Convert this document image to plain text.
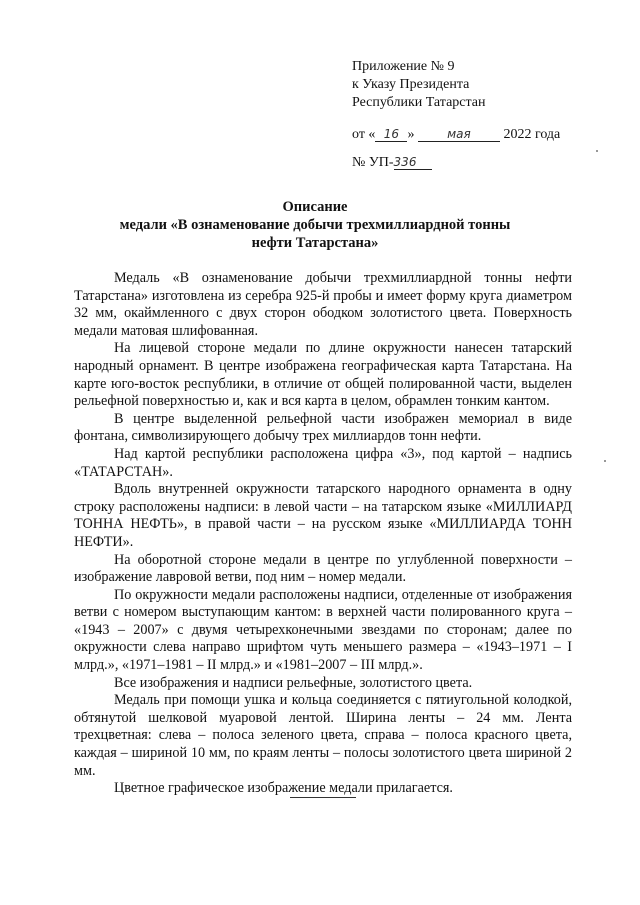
Приложение № 9
к Указу Президента
Республики Татарстан
от « 16 »	мая 2022 года
№ УП-336
Описание
медали «В ознаменование добычи трехмиллиардной тонны
нефти Татарстана»

Медаль «В ознаменование добычи трехмиллиардной тонны нефти Татарстана» изготовлена из серебра 925-й пробы и имеет форму круга диаметром 32 мм, окаймленного с двух сторон ободком золотистого цвета. Поверхность медали матовая шлифованная.

На лицевой стороне медали по длине окружности нанесен татарский народный орнамент. В центре изображена географическая карта Татарстана. На карте юго-восток республики, в отличие от общей полированной части, выделен рельефной поверхностью и, как и вся карта в целом, обрамлен тонким кантом.

В центре выделенной рельефной части изображен мемориал в виде фонтана, символизирующего добычу трех миллиардов тонн нефти.

Над картой республики расположена цифра «3», под картой – надпись «ТАТАРСТАН».

Вдоль внутренней окружности татарского народного орнамента в одну строку расположены надписи: в левой части – на татарском языке «МИЛЛИАРД ТОННА НЕФТЬ», в правой части – на русском языке «МИЛЛИАРДА ТОНН НЕФТИ».

На оборотной стороне медали в центре по углубленной поверхности – изображение лавровой ветви, под ним – номер медали.

По окружности медали расположены надписи, отделенные от изображения ветви с номером выступающим кантом: в верхней части полированного круга – «1943 – 2007» с двумя четырехконечными звездами по сторонам; далее по окружности слева направо шрифтом чуть меньшего размера – «1943–1971 – I млрд.», «1971–1981 – II млрд.» и «1981–2007 – III млрд.».

Все изображения и надписи рельефные, золотистого цвета.

Медаль при помощи ушка и кольца соединяется с пятиугольной колодкой, обтянутой шелковой муаровой лентой. Ширина ленты – 24 мм. Лента трехцветная: слева – полоса зеленого цвета, справа – полоса красного цвета, каждая – шириной 10 мм, по краям ленты – полосы золотистого цвета шириной 2 мм.

Цветное графическое изображение медали прилагается.
